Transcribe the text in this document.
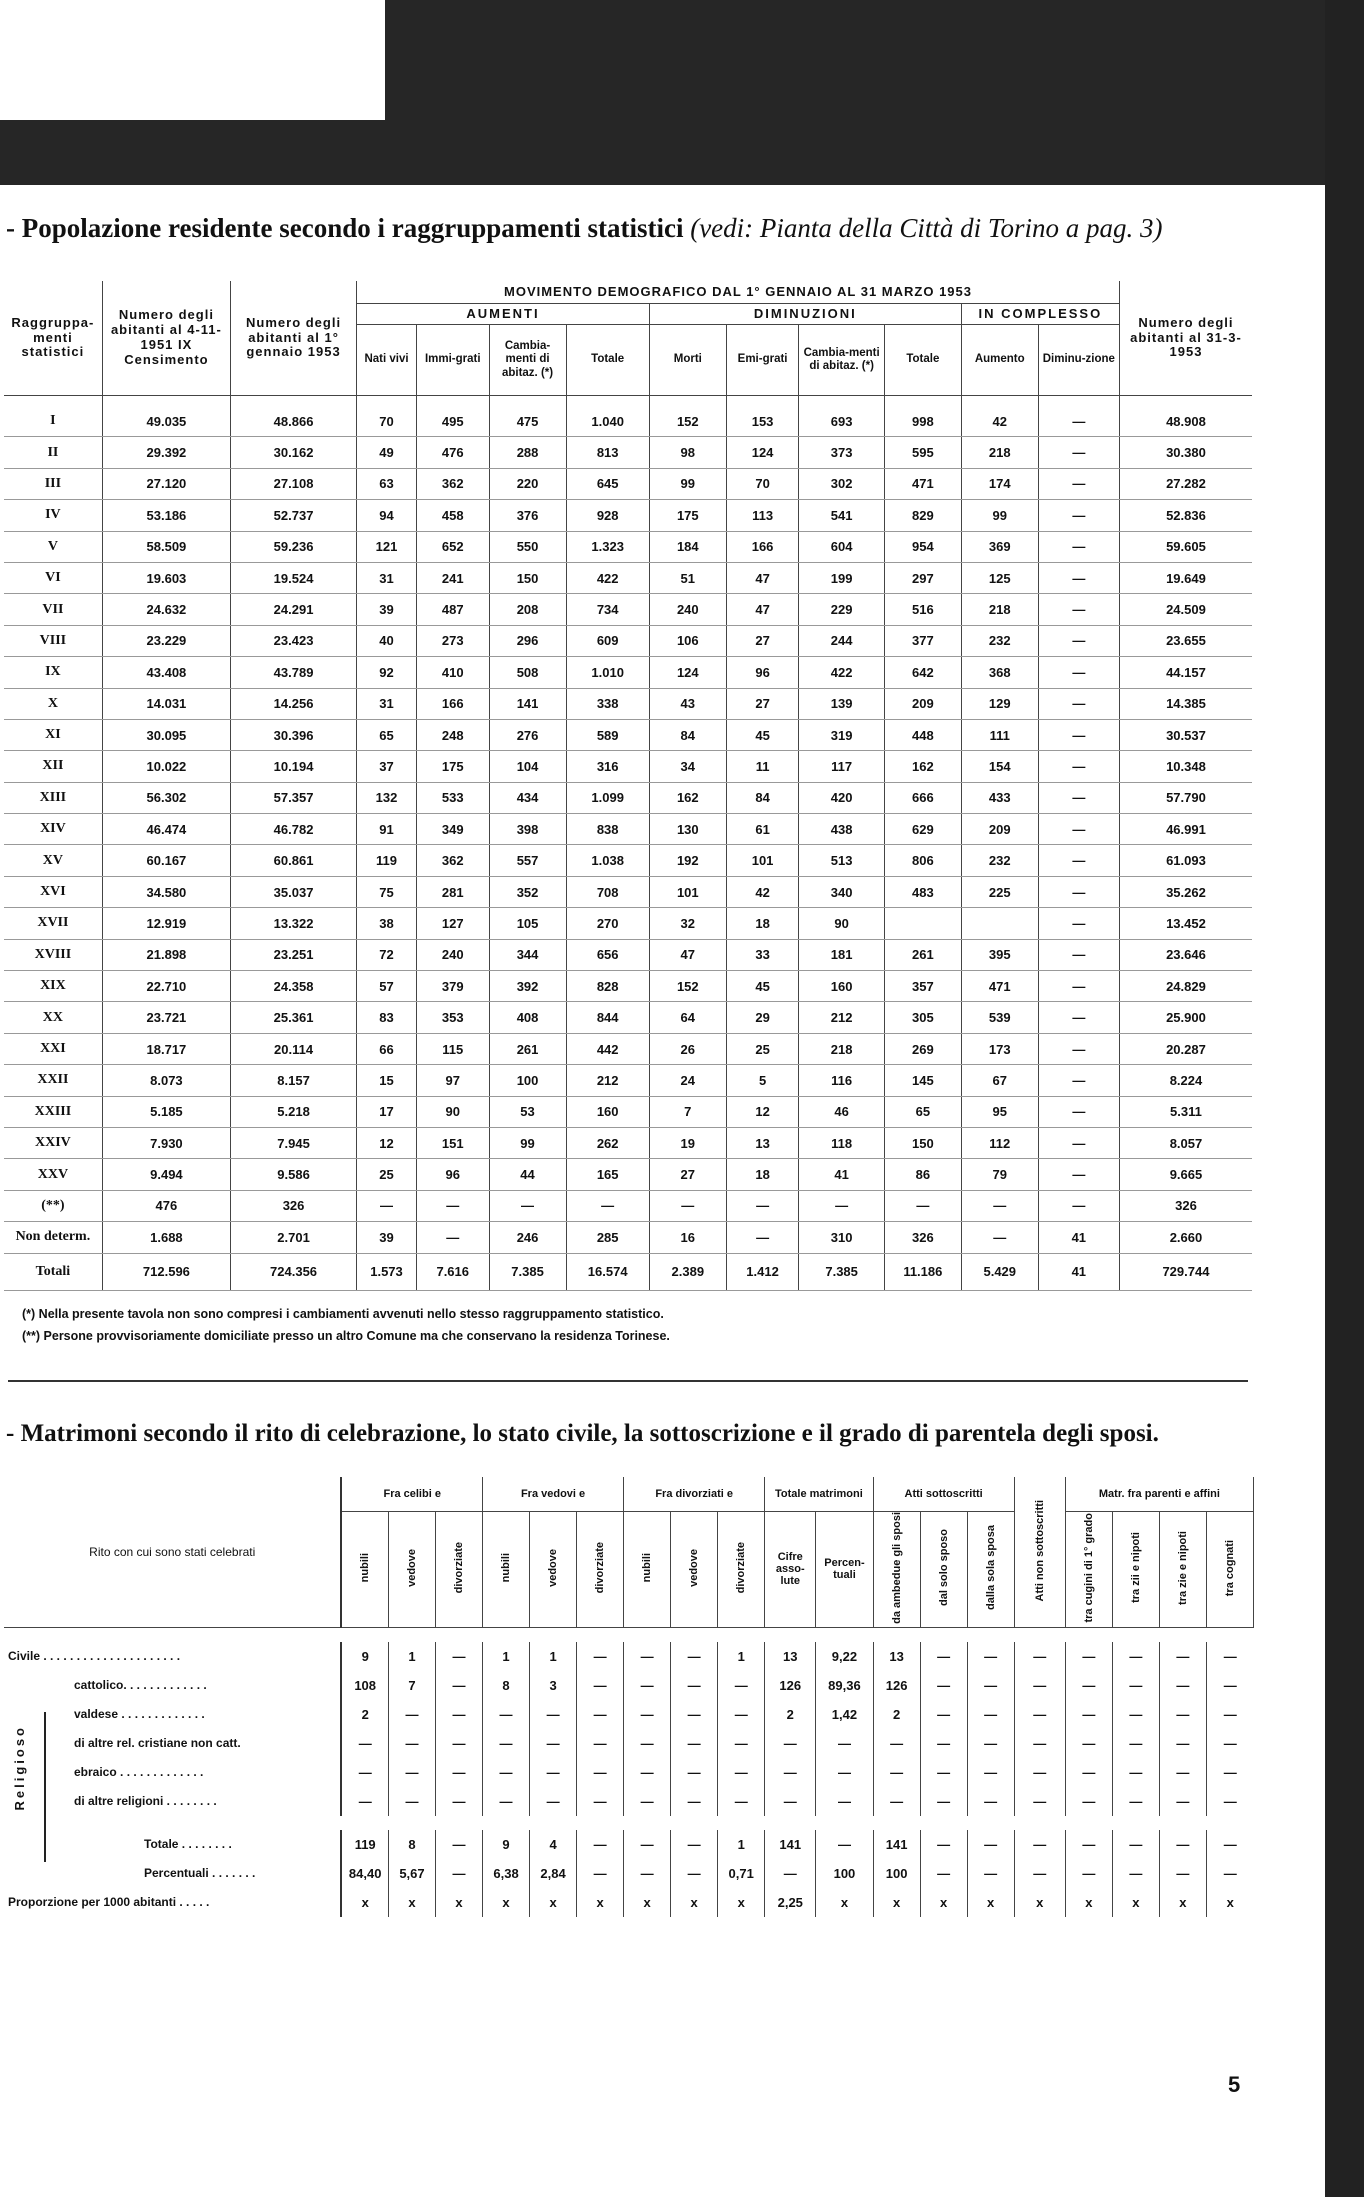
- Popolazione residente secondo i raggruppamenti statistici (vedi: Pianta della Città di Torino a pag. 3)
Raggruppa-menti statistici	Numero degli abitanti al 4-11-1951 IX Censimento	Numero degli abitanti al 1° gennaio 1953	MOVIMENTO DEMOGRAFICO DAL 1° GENNAIO AL 31 MARZO 1953										Numero degli abitanti al 31-3-1953
			AUMENTI				DIMINUZIONI				IN COMPLESSO		
			Nati vivi	Immi-grati	Cambia-menti di abitaz. (*)	Totale	Morti	Emi-grati	Cambia-menti di abitaz. (*)	Totale	Aumento	Diminu-zione	
I	49.035	48.866	70	495	475	1.040	152	153	693	998	42	—	48.908
II	29.392	30.162	49	476	288	813	98	124	373	595	218	—	30.380
III	27.120	27.108	63	362	220	645	99	70	302	471	174	—	27.282
IV	53.186	52.737	94	458	376	928	175	113	541	829	99	—	52.836
V	58.509	59.236	121	652	550	1.323	184	166	604	954	369	—	59.605
VI	19.603	19.524	31	241	150	422	51	47	199	297	125	—	19.649
VII	24.632	24.291	39	487	208	734	240	47	229	516	218	—	24.509
VIII	23.229	23.423	40	273	296	609	106	27	244	377	232	—	23.655
IX	43.408	43.789	92	410	508	1.010	124	96	422	642	368	—	44.157
X	14.031	14.256	31	166	141	338	43	27	139	209	129	—	14.385
XI	30.095	30.396	65	248	276	589	84	45	319	448	111	—	30.537
XII	10.022	10.194	37	175	104	316	34	11	117	162	154	—	10.348
XIII	56.302	57.357	132	533	434	1.099	162	84	420	666	433	—	57.790
XIV	46.474	46.782	91	349	398	838	130	61	438	629	209	—	46.991
XV	60.167	60.861	119	362	557	1.038	192	101	513	806	232	—	61.093
XVI	34.580	35.037	75	281	352	708	101	42	340	483	225	—	35.262
XVII	12.919	13.322	38	127	105	270	32	18	90			—	13.452
XVIII	21.898	23.251	72	240	344	656	47	33	181	261	395	—	23.646
XIX	22.710	24.358	57	379	392	828	152	45	160	357	471	—	24.829
XX	23.721	25.361	83	353	408	844	64	29	212	305	539	—	25.900
XXI	18.717	20.114	66	115	261	442	26	25	218	269	173	—	20.287
XXII	8.073	8.157	15	97	100	212	24	5	116	145	67	—	8.224
XXIII	5.185	5.218	17	90	53	160	7	12	46	65	95	—	5.311
XXIV	7.930	7.945	12	151	99	262	19	13	118	150	112	—	8.057
XXV	9.494	9.586	25	96	44	165	27	18	41	86	79	—	9.665
(**)	476	326	—	—	—	—	—	—	—	—	—	—	326
Non determ.	1.688	2.701	39	—	246	285	16	—	310	326	—	41	2.660
Totali	712.596	724.356	1.573	7.616	7.385	16.574	2.389	1.412	7.385	11.186	5.429	41	729.744
(*) Nella presente tavola non sono compresi i cambiamenti avvenuti nello stesso raggruppamento statistico.
(**) Persone provvisoriamente domiciliate presso un altro Comune ma che conservano la residenza Torinese.
- Matrimoni secondo il rito di celebrazione, lo stato civile, la sottoscrizione e il grado di parentela degli sposi.
Rito con cui sono stati celebrati	Fra celibi e			Fra vedovi e			Fra divorziati e			Totale matrimoni		Atti sottoscritti			Atti non sottoscritti	Matr. fra parenti e affini			
	nubili	vedove	divorziate	nubili	vedove	divorziate	nubili	vedove	divorziate	Cifre asso-lute	Percen-tuali	da ambedue gli sposi	dal solo sposo	dalla sola sposa		tra cugini di 1° grado	tra zii e nipoti	tra zie e nipoti	tra cognati

Civile . . . . . . . . . . . . . . . . . . . . .	9	1	—	1	1	—	—	—	1	13	9,22	13	—	—	—	—	—	—	—
cattolico. . . . . . . . . . . . .	108	7	—	8	3	—	—	—	—	126	89,36	126	—	—	—	—	—	—	—
valdese . . . . . . . . . . . . .	2	—	—	—	—	—	—	—	—	2	1,42	2	—	—	—	—	—	—	—
di altre rel. cristiane non catt.	—	—	—	—	—	—	—	—	—	—	—	—	—	—	—	—	—	—	—
ebraico . . . . . . . . . . . . .	—	—	—	—	—	—	—	—	—	—	—	—	—	—	—	—	—	—	—
di altre religioni . . . . . . . .	—	—	—	—	—	—	—	—	—	—	—	—	—	—	—	—	—	—	—

Totale . . . . . . . .	119	8	—	9	4	—	—	—	1	141	—	141	—	—	—	—	—	—	—
Percentuali . . . . . . .	84,40	5,67	—	6,38	2,84	—	—	—	0,71	—	100	100	—	—	—	—	—	—	—
Proporzione per 1000 abitanti . . . . .	x	x	x	x	x	x	x	x	x	2,25	x	x	x	x	x	x	x	x	x
Religioso
5
